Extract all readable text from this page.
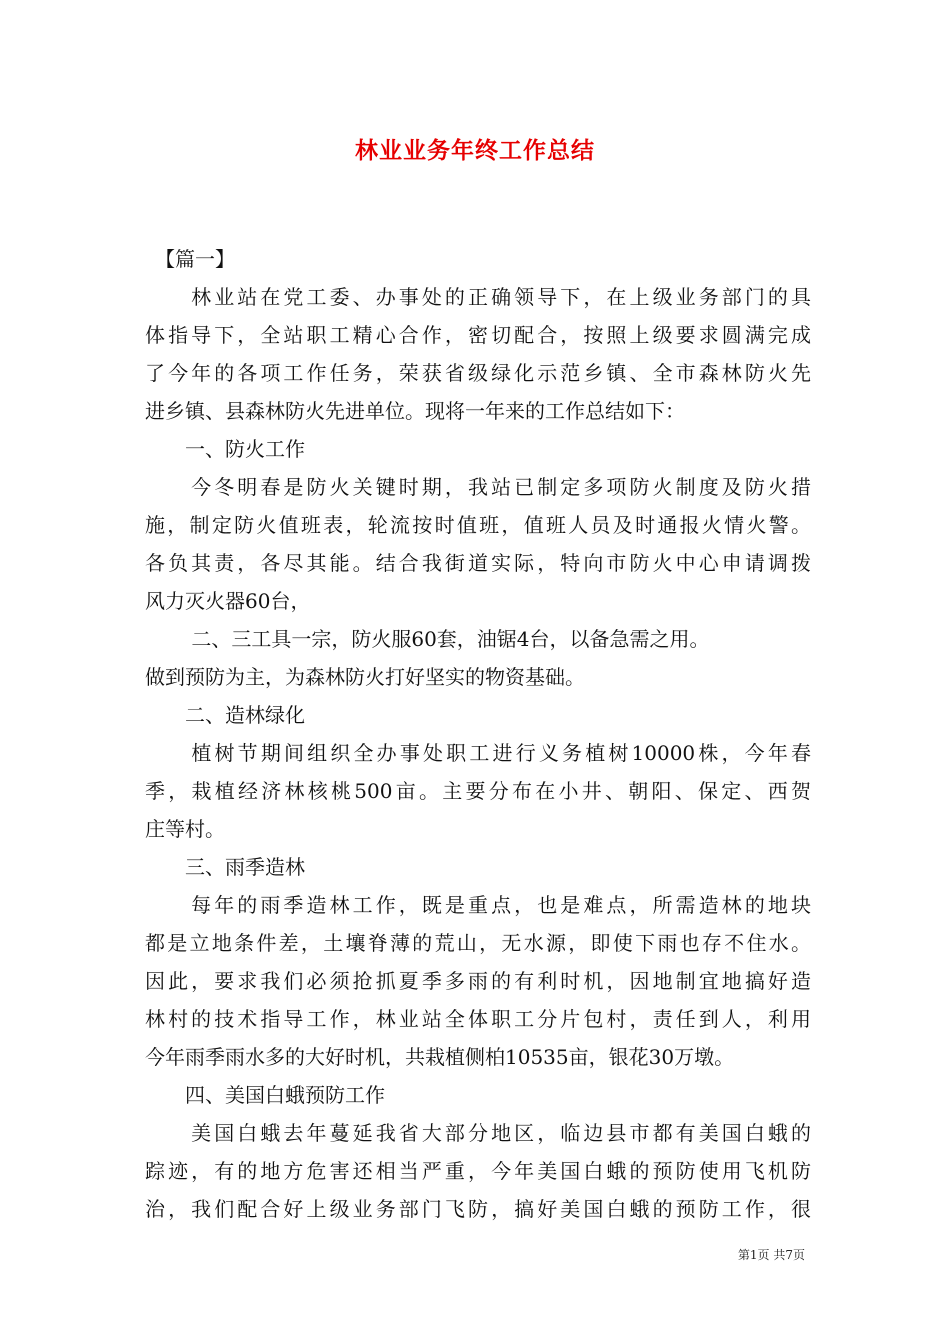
林业业务年终工作总结
　【篇一】
　　林业站在党工委、办事处的正确领导下，在上级业务部门的具
体指导下，全站职工精心合作，密切配合，按照上级要求圆满完成
了今年的各项工作任务，荣获省级绿化示范乡镇、全市森林防火先
进乡镇、县森林防火先进单位。现将一年来的工作总结如下：
　　一、防火工作
　　今冬明春是防火关键时期，我站已制定多项防火制度及防火措
施，制定防火值班表，轮流按时值班，值班人员及时通报火情火警。
各负其责，各尽其能。结合我街道实际，特向市防火中心申请调拨
风力灭火器60台，
　　 二、三工具一宗，防火服60套，油锯4台，以备急需之用。
做到预防为主，为森林防火打好坚实的物资基础。
　　二、造林绿化
　　植树节期间组织全办事处职工进行义务植树10000株，今年春
季，栽植经济林核桃500亩。主要分布在小井、朝阳、保定、西贺
庄等村。
　　三、雨季造林
　　每年的雨季造林工作，既是重点，也是难点，所需造林的地块
都是立地条件差，土壤脊薄的荒山，无水源，即使下雨也存不住水。
因此，要求我们必须抢抓夏季多雨的有利时机，因地制宜地搞好造
林村的技术指导工作，林业站全体职工分片包村，责任到人，利用
今年雨季雨水多的大好时机，共栽植侧柏10535亩，银花30万墩。
　　四、美国白蛾预防工作
　　美国白蛾去年蔓延我省大部分地区，临边县市都有美国白蛾的
踪迹，有的地方危害还相当严重，今年美国白蛾的预防使用飞机防
治，我们配合好上级业务部门飞防，搞好美国白蛾的预防工作，很
第1页 共7页
